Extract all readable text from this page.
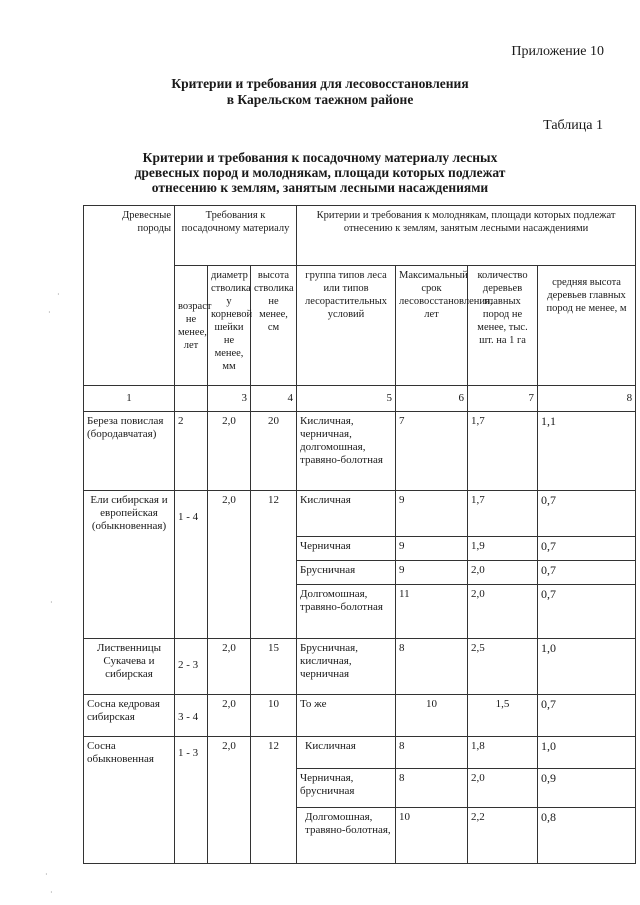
Приложение 10
Критерии и требования для лесовосстановления
в Карельском таежном районе
Таблица 1
Критерии и требования к посадочному материалу лесных
древесных пород и молоднякам, площади которых подлежат
отнесению к землям, занятым лесными насаждениями
·
·
·
·
·
Древесные породы	Требования к посадочному материалу			Критерии и требования к молоднякам, площади которых подлежат отнесению к землям, занятым лесными насаждениями			

	возраст не менее, лет	диаметр стволика у корневой шейки не менее, мм	высота стволика не менее, см	группа типов леса или типов лесорастительных условий	Максимальный срок лесовосстановления, лет	количество деревьев главных пород не менее, тыс. шт. на 1 га	средняя высота деревьев главных пород не менее, м

1		3	4	5	6	7	8
Береза повислая (бородавчатая)	2	2,0	20	Кисличная, черничная, долгомошная, травяно-болотная	7	1,7	1,1
Ели сибирская и европейская (обыкновенная)	1 - 4	2,0	12	Кисличная	9	1,7	0,7
				Черничная	9	1,9	0,7
				Брусничная	9	2,0	0,7
				Долгомошная, травяно-болотная	11	2,0	0,7
Лиственницы Сукачева и сибирская	2 - 3	2,0	15	Брусничная, кисличная, черничная	8	2,5	1,0
Сосна кедровая сибирская	3 - 4	2,0	10	То же	10	1,5	0,7
Сосна обыкновенная	1 - 3	2,0	12	Кисличная	8	1,8	1,0
				Черничная, брусничная	8	2,0	0,9
				Долгомошная, травяно-болотная,	10	2,2	0,8
